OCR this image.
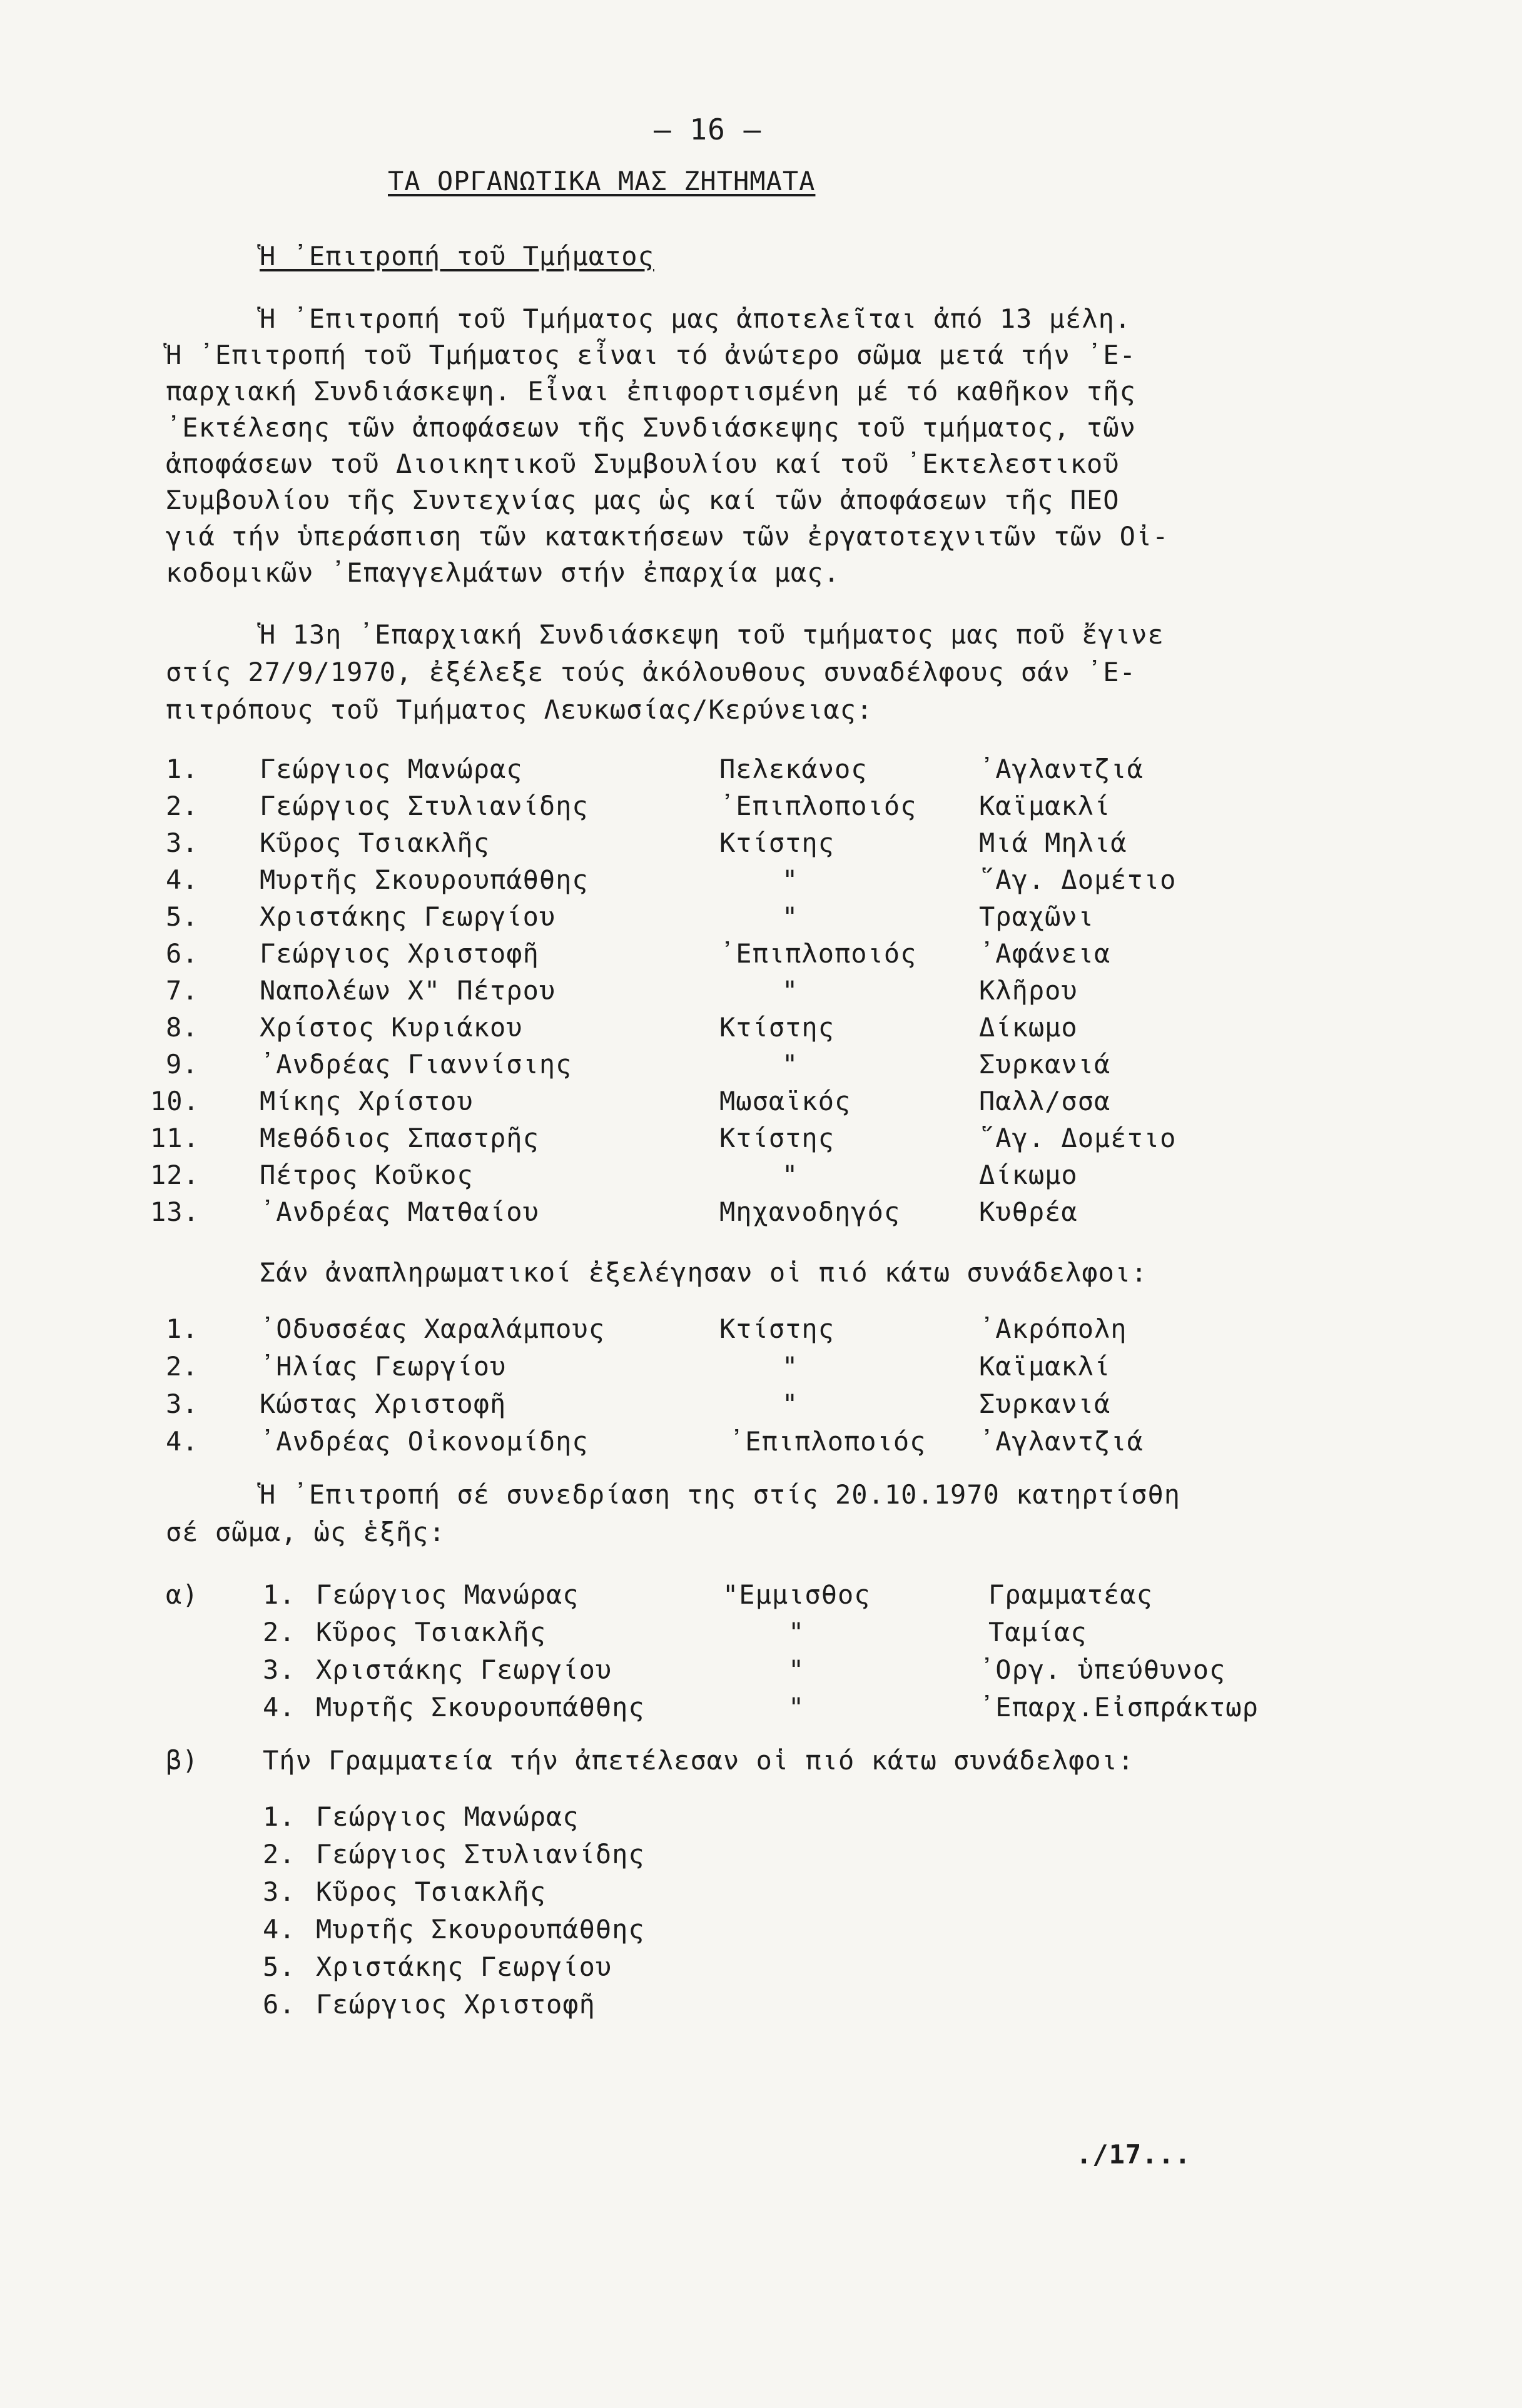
– 16 –
ΤΑ ΟΡΓΑΝΩΤΙΚΑ ΜΑΣ ΖΗΤΗΜΑΤΑ
Ἡ ᾿Επιτροπή τοῦ Τμήματος
Ἡ ᾿Επιτροπή τοῦ Τμήματος μας ἀποτελεῖται ἀπό 13 μέλη.
Ἡ ᾿Επιτροπή τοῦ Τμήματος εἶναι τό ἀνώτερο σῶμα μετά τήν ᾿Ε-
παρχιακή Συνδιάσκεψη. Εἶναι ἐπιφορτισμένη μέ τό καθῆκον τῆς
᾿Εκτέλεσης τῶν ἀποφάσεων τῆς Συνδιάσκεψης τοῦ τμήματος, τῶν
ἀποφάσεων τοῦ Διοικητικοῦ Συμβουλίου καί τοῦ ᾿Εκτελεστικοῦ
Συμβουλίου τῆς Συντεχνίας μας ὡς καί τῶν ἀποφάσεων τῆς ΠΕΟ
γιά τήν ὑπεράσπιση τῶν κατακτήσεων τῶν ἐργατοτεχνιτῶν τῶν Οἰ-
κοδομικῶν ᾿Επαγγελμάτων στήν ἐπαρχία μας.
Ἡ 13η ᾿Επαρχιακή Συνδιάσκεψη τοῦ τμήματος μας ποῦ ἔγινε
στίς 27/9/1970, ἐξέλεξε τούς ἀκόλουθους συναδέλφους σάν ᾿Ε-
πιτρόπους τοῦ Τμήματος Λευκωσίας/Κερύνειας:
1. Γεώργιος Μανώρας	Πελεκάνος	᾿Αγλαντζιά
2. Γεώργιος Στυλιανίδης	᾿Επιπλοποιός Καϊμακλί
3. Κῦρος Τσιακλῆς	Κτίστης	Μιά Μηλιά
4. Μυρτῆς Σκουρουπάθθης	"	῞Αγ. Δομέτιο
5. Χριστάκης Γεωργίου	"	Τραχῶνι
6. Γεώργιος Χριστοφῆ	᾿Επιπλοποιός ᾿Αφάνεια
7. Ναπολέων Χ" Πέτρου	"	Κλῆρου
8. Χρίστος Κυριάκου	Κτίστης	Δίκωμο
9. ᾿Ανδρέας Γιαννίσιης	"	Συρκανιά
10. Μίκης Χρίστου	Μωσαϊκός	Παλλ/σσα
11. Μεθόδιος Σπαστρῆς	Κτίστης	῞Αγ. Δομέτιο
12. Πέτρος Κοῦκος	"	Δίκωμο
13. ᾿Ανδρέας Ματθαίου	Μηχανοδηγός	Κυθρέα
Σάν ἀναπληρωματικοί ἐξελέγησαν οἱ πιό κάτω συνάδελφοι:
1. ᾿Οδυσσέας Χαραλάμπους	Κτίστης	᾿Ακρόπολη
2. ᾿Ηλίας Γεωργίου	"	Καϊμακλί
3. Κώστας Χριστοφῆ	"	Συρκανιά
4. ᾿Ανδρέας Οἰκονομίδης	᾿Επιπλοποιός ᾿Αγλαντζιά
Ἡ ᾿Επιτροπή σέ συνεδρίαση της στίς 20.10.1970 κατηρτίσθη
σέ σῶμα, ὡς ἑξῆς:
α) 1. Γεώργιος Μανώρας	"Εμμισθος	Γραμματέας
2. Κῦρος Τσιακλῆς	"	Ταμίας
3. Χριστάκης Γεωργίου	"	᾿Οργ. ὑπεύθυνος
4. Μυρτῆς Σκουρουπάθθης	"	᾿Επαρχ.Εἰσπράκτωρ
β) Τήν Γραμματεία τήν ἀπετέλεσαν οἱ πιό κάτω συνάδελφοι:
1. Γεώργιος Μανώρας
2. Γεώργιος Στυλιανίδης
3. Κῦρος Τσιακλῆς
4. Μυρτῆς Σκουρουπάθθης
5. Χριστάκης Γεωργίου
6. Γεώργιος Χριστοφῆ
./17...
